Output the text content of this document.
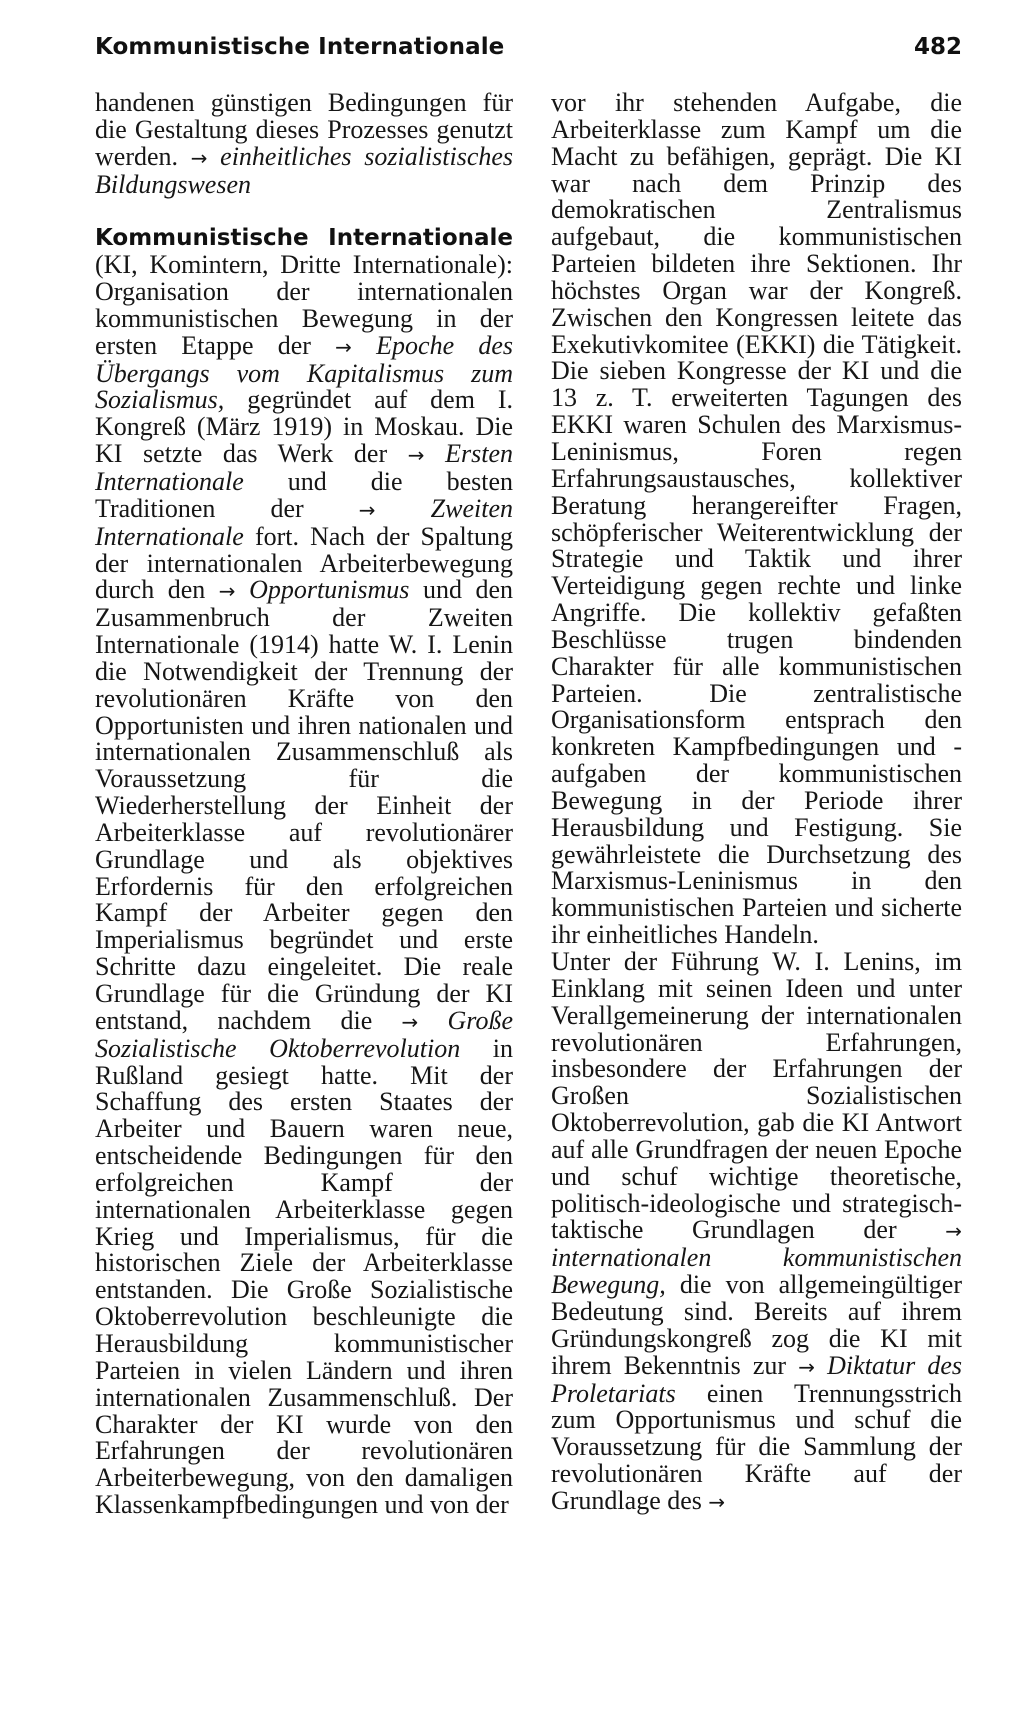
Kommunistische Internationale	482

handenen günstigen Bedingungen für die Gestaltung dieses Prozesses genutzt werden. → einheitliches sozialistisches Bildungswesen

Kommunistische Internationale (KI, Komintern, Dritte Internationale): Organisation der internationalen kommunistischen Bewegung in der ersten Etappe der → Epoche des Übergangs vom Kapitalismus zum Sozialismus, gegründet auf dem I. Kongreß (März 1919) in Moskau. Die KI setzte das Werk der → Ersten Internationale und die besten Traditionen der	→ Zweiten Internationale fort. Nach der Spaltung der internationalen Arbeiterbewegung durch den → Opportunismus und den Zusammenbruch der Zweiten Internationale (1914) hatte W. I. Lenin die Notwendigkeit der Trennung der revolutionären Kräfte von den Opportunisten und ihren nationalen und internationalen Zusammenschluß als Voraussetzung für die Wiederherstellung der Einheit der Arbeiterklasse auf revolutionärer Grundlage und als objektives Erfordernis für den erfolgreichen Kampf der Arbeiter gegen den Imperialismus begründet und erste Schritte dazu eingeleitet. Die reale Grundlage für die Gründung der KI entstand, nachdem die → Große Sozialistische Oktoberrevolution in Rußland gesiegt hatte. Mit der Schaffung des ersten Staates der Arbeiter und Bauern waren neue, entscheidende Bedingungen für den erfolgreichen Kampf der internationalen Arbeiterklasse gegen Krieg und Imperialismus, für die historischen Ziele der Arbeiterklasse entstanden. Die Große Sozialistische Oktoberrevolution beschleunigte die Herausbildung kommunistischer Parteien in vielen Ländern und ihren internationalen Zusammenschluß. Der Charakter der KI wurde von den Erfahrungen der revolutionären Arbeiterbewegung, von den damaligen Klassenkampfbedingungen und von der

vor ihr stehenden Aufgabe, die Arbeiterklasse zum Kampf um die Macht zu befähigen, geprägt. Die KI war nach dem Prinzip des demokratischen Zentralismus aufgebaut, die kommunistischen Parteien bildeten ihre Sektionen. Ihr höchstes Organ war der Kongreß. Zwischen den Kongressen leitete das Exekutivkomitee (EKKI) die Tätigkeit. Die sieben Kongresse der KI und die 13 z. T. erweiterten Tagungen des EKKI waren Schulen des Marxismus-Leninismus, Foren regen Erfahrungsaustausches, kollektiver Beratung herangereifter Fragen, schöpferischer Weiterentwicklung der Strategie und Taktik und ihrer Verteidigung gegen rechte und linke Angriffe. Die kollektiv gefaßten Beschlüsse trugen bindenden Charakter für alle kommunistischen Parteien. Die zentralistische Organisationsform entsprach den konkreten Kampfbedingungen und -aufgaben der kommunistischen Bewegung in der Periode ihrer Herausbildung und Festigung. Sie gewährleistete die Durchsetzung des Marxismus-Leninismus in den kommunistischen Parteien und sicherte ihr einheitliches Handeln.

Unter der Führung W. I. Lenins, im Einklang mit seinen Ideen und unter Verallgemeinerung der internationalen revolutionären Erfahrungen, insbesondere der Erfahrungen der Großen Sozialistischen Oktoberrevolution, gab die KI Antwort auf alle Grundfragen der neuen Epoche und schuf wichtige theoretische, politisch-ideologische und strategisch-taktische Grundlagen der → internationalen kommunistischen Bewegung, die von allgemeingültiger Bedeutung sind. Bereits auf ihrem Gründungskongreß zog die KI mit ihrem Bekenntnis zur → Diktatur des Proletariats einen Trennungsstrich zum Opportunismus und schuf die Voraussetzung für die Sammlung der revolutionären Kräfte auf der Grundlage des →
